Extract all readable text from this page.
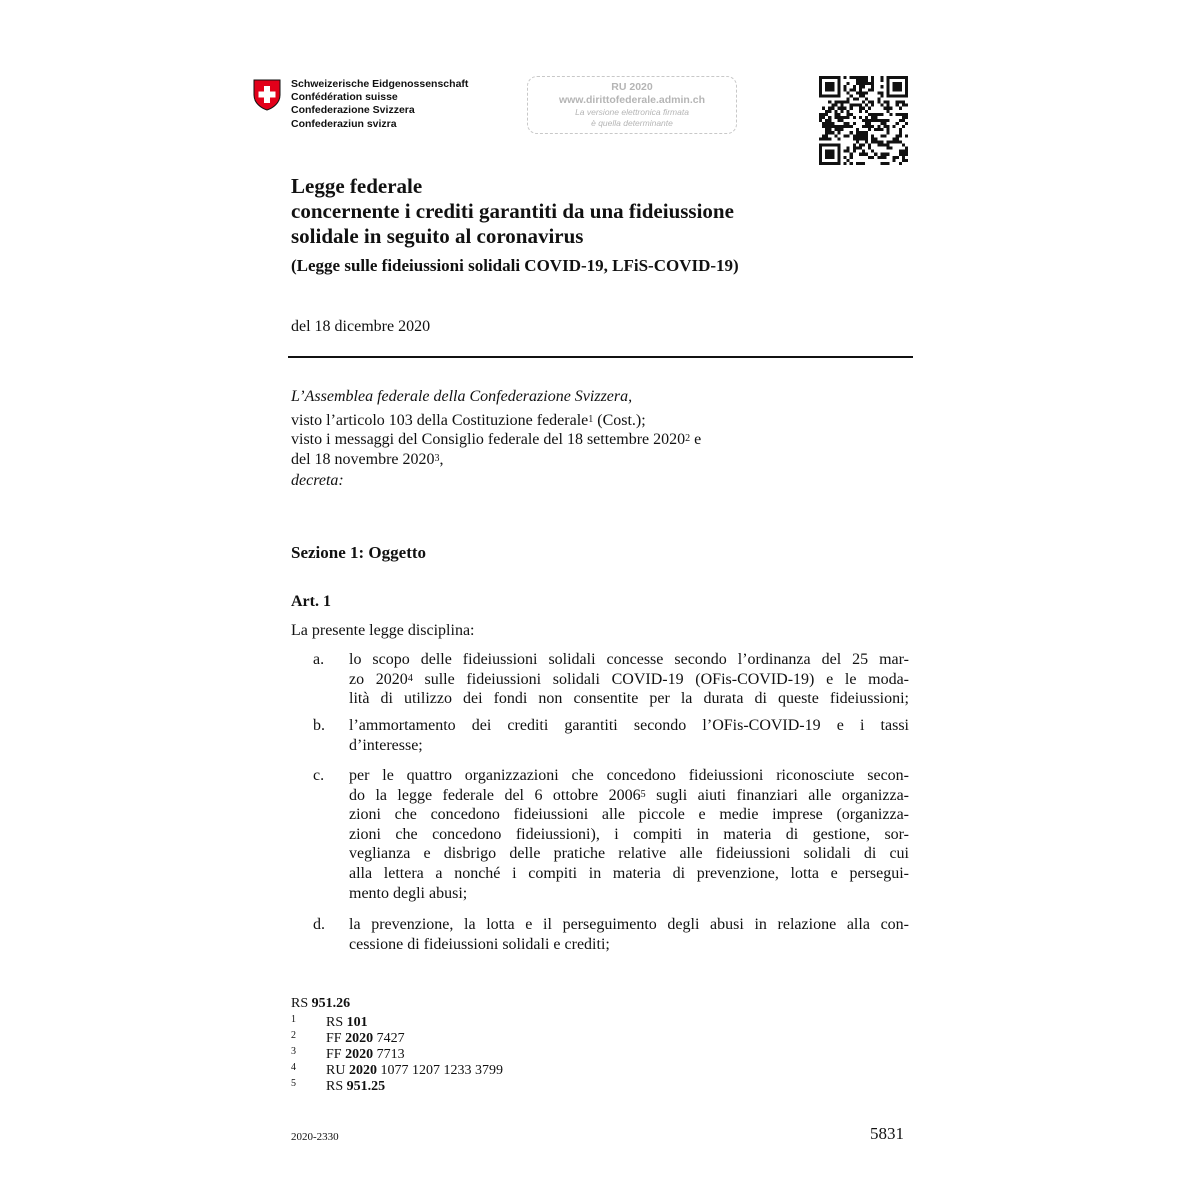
Schweizerische Eidgenossenschaft
Confédération suisse
Confederazione Svizzera
Confederaziun svizra
RU 2020
www.dirittofederale.admin.ch
La versione elettronica firmata
è quella determinante
Legge federale
concernente i crediti garantiti da una fideiussione
solidale in seguito al coronavirus
(Legge sulle fideiussioni solidali COVID-19, LFiS-COVID-19)
del 18 dicembre 2020
L’Assemblea federale della Confederazione Svizzera,
visto l’articolo 103 della Costituzione federale$^1$ (Cost.);
visto i messaggi del Consiglio federale del 18 settembre 2020$^2$ e
del 18 novembre 2020$^3$,
decreta:
Sezione 1: Oggetto
Art. 1
La presente legge disciplina:
a. lo scopo delle fideiussioni solidali concesse secondo l’ordinanza del 25 mar-
zo 2020$^4$ sulle fideiussioni solidali COVID-19 (OFis-COVID-19) e le moda-
lità di utilizzo dei fondi non consentite per la durata di queste fideiussioni;
b. l’ammortamento dei crediti garantiti secondo l’OFis-COVID-19 e i tassi
d’interesse;
c. per le quattro organizzazioni che concedono fideiussioni riconosciute secon-
do la legge federale del 6 ottobre 2006$^5$ sugli aiuti finanziari alle organizza-
zioni che concedono fideiussioni alle piccole e medie imprese (organizza-
zioni che concedono fideiussioni), i compiti in materia di gestione, sor-
veglianza e disbrigo delle pratiche relative alle fideiussioni solidali di cui
alla lettera a nonché i compiti in materia di prevenzione, lotta e persegui-
mento degli abusi;
d. la prevenzione, la lotta e il perseguimento degli abusi in relazione alla con-
cessione di fideiussioni solidali e crediti;
RS 951.26
1 RS 101
2 FF 2020 7427
3 FF 2020 7713
4 RU 2020 1077 1207 1233 3799
5 RS 951.25
2020-2330	5831
